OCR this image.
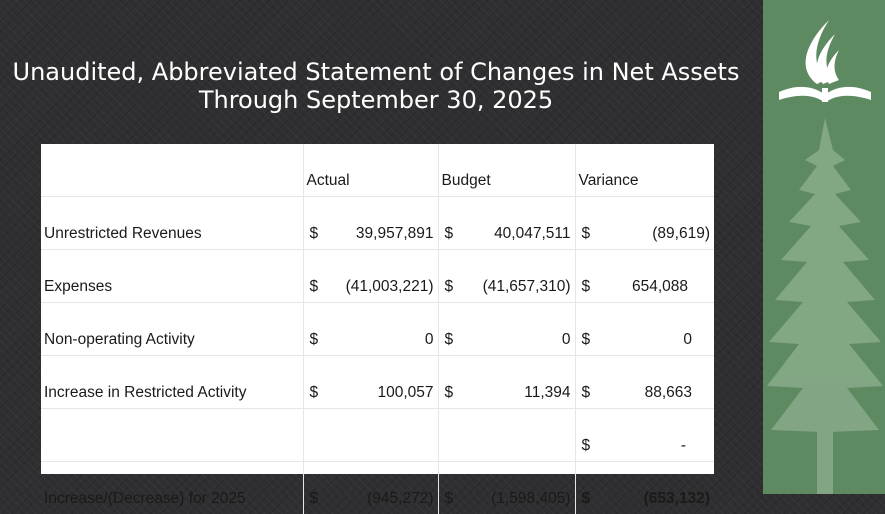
Unaudited, Abbreviated Statement of Changes in Net Assets
Through September 30, 2025
	Actual	Budget	Variance
Unrestricted Revenues	$ 39,957,891	$ 40,047,511	$ (89,619)

Expenses	$ (41,003,221)	$ (41,657,310)	$ 654,088

Non-operating Activity	$ 0	$ 0	$ 0

Increase in Restricted Activity	$ 100,057	$ 11,394	$ 88,663

			$ -

Increase/(Decrease) for 2025	$ (945,272)	$ (1,598,405)	$ (653,132)
